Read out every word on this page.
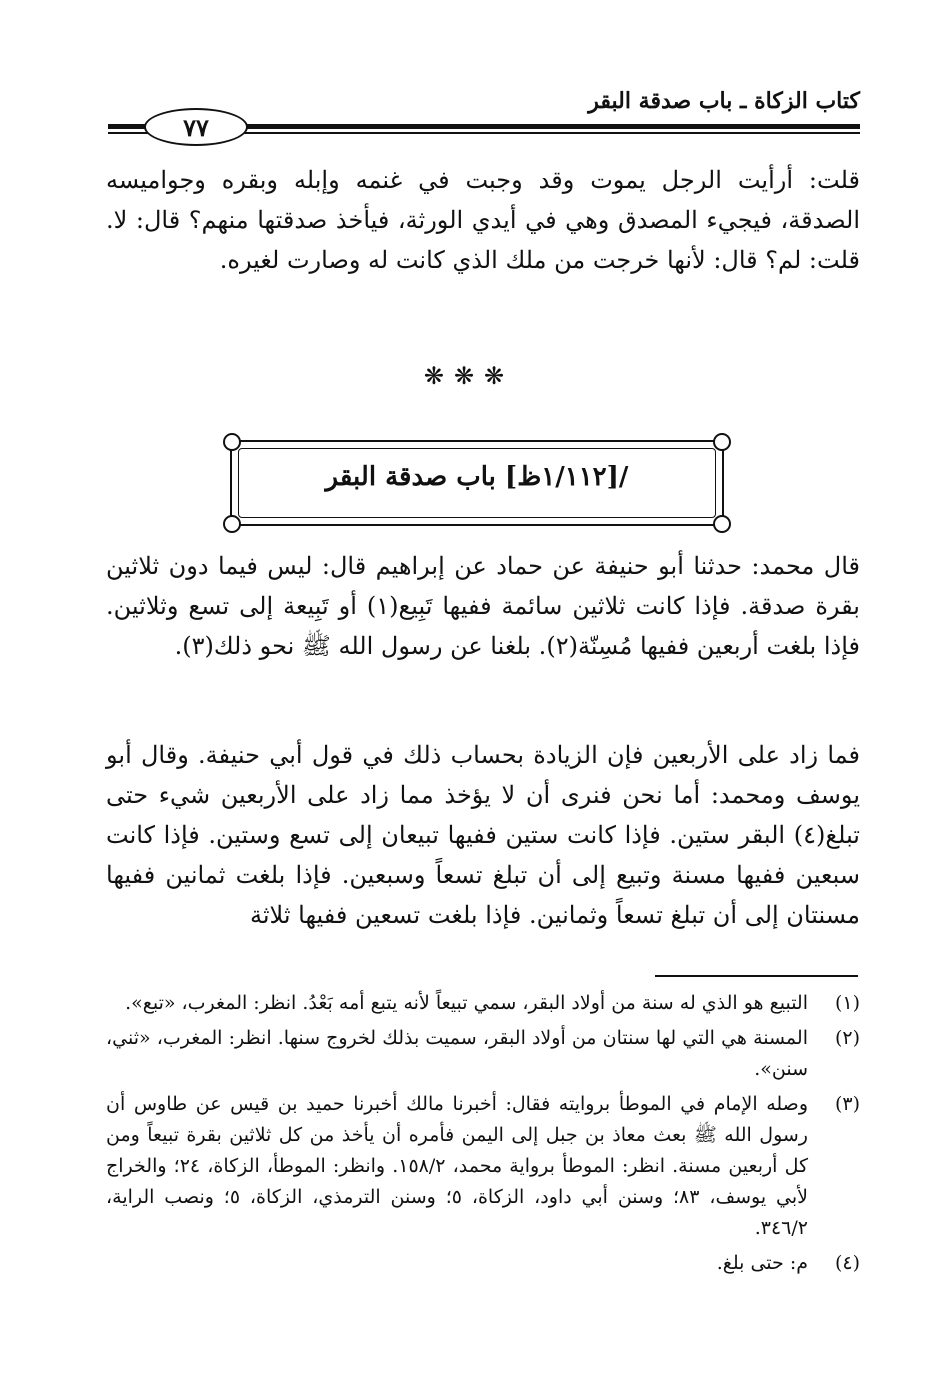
كتاب الزكاة ـ باب صدقة البقر
٧٧

قلت: أرأيت الرجل يموت وقد وجبت في غنمه وإبله وبقره وجواميسه الصدقة، فيجيء المصدق وهي في أيدي الورثة، فيأخذ صدقتها منهم؟ قال: لا. قلت: لم؟ قال: لأنها خرجت من ملك الذي كانت له وصارت لغيره.

❋❋❋
/[١/١١٢ظ] باب صدقة البقر

قال محمد: حدثنا أبو حنيفة عن حماد عن إبراهيم قال: ليس فيما دون ثلاثين بقرة صدقة. فإذا كانت ثلاثين سائمة ففيها تَبِيع(١) أو تَبِيعة إلى تسع وثلاثين. فإذا بلغت أربعين ففيها مُسِنّة(٢). بلغنا عن رسول الله ﷺ نحو ذلك(٣).

فما زاد على الأربعين فإن الزيادة بحساب ذلك في قول أبي حنيفة. وقال أبو يوسف ومحمد: أما نحن فنرى أن لا يؤخذ مما زاد على الأربعين شيء حتى تبلغ(٤) البقر ستين. فإذا كانت ستين ففيها تبيعان إلى تسع وستين. فإذا كانت سبعين ففيها مسنة وتبيع إلى أن تبلغ تسعاً وسبعين. فإذا بلغت ثمانين ففيها مسنتان إلى أن تبلغ تسعاً وثمانين. فإذا بلغت تسعين ففيها ثلاثة

(١)
التبيع هو الذي له سنة من أولاد البقر، سمي تبيعاً لأنه يتبع أمه بَعْدُ. انظر: المغرب، «تبع».

(٢)
المسنة هي التي لها سنتان من أولاد البقر، سميت بذلك لخروج سنها. انظر: المغرب، «ثني، سنن».

(٣)
وصله الإمام في الموطأ بروايته فقال: أخبرنا مالك أخبرنا حميد بن قيس عن طاوس أن رسول الله ﷺ بعث معاذ بن جبل إلى اليمن فأمره أن يأخذ من كل ثلاثين بقرة تبيعاً ومن كل أربعين مسنة. انظر: الموطأ برواية محمد، ١٥٨/٢. وانظر: الموطأ، الزكاة، ٢٤؛ والخراج لأبي يوسف، ٨٣؛ وسنن أبي داود، الزكاة، ٥؛ وسنن الترمذي، الزكاة، ٥؛ ونصب الراية، ٣٤٦/٢.

(٤)
م: حتى بلغ.
